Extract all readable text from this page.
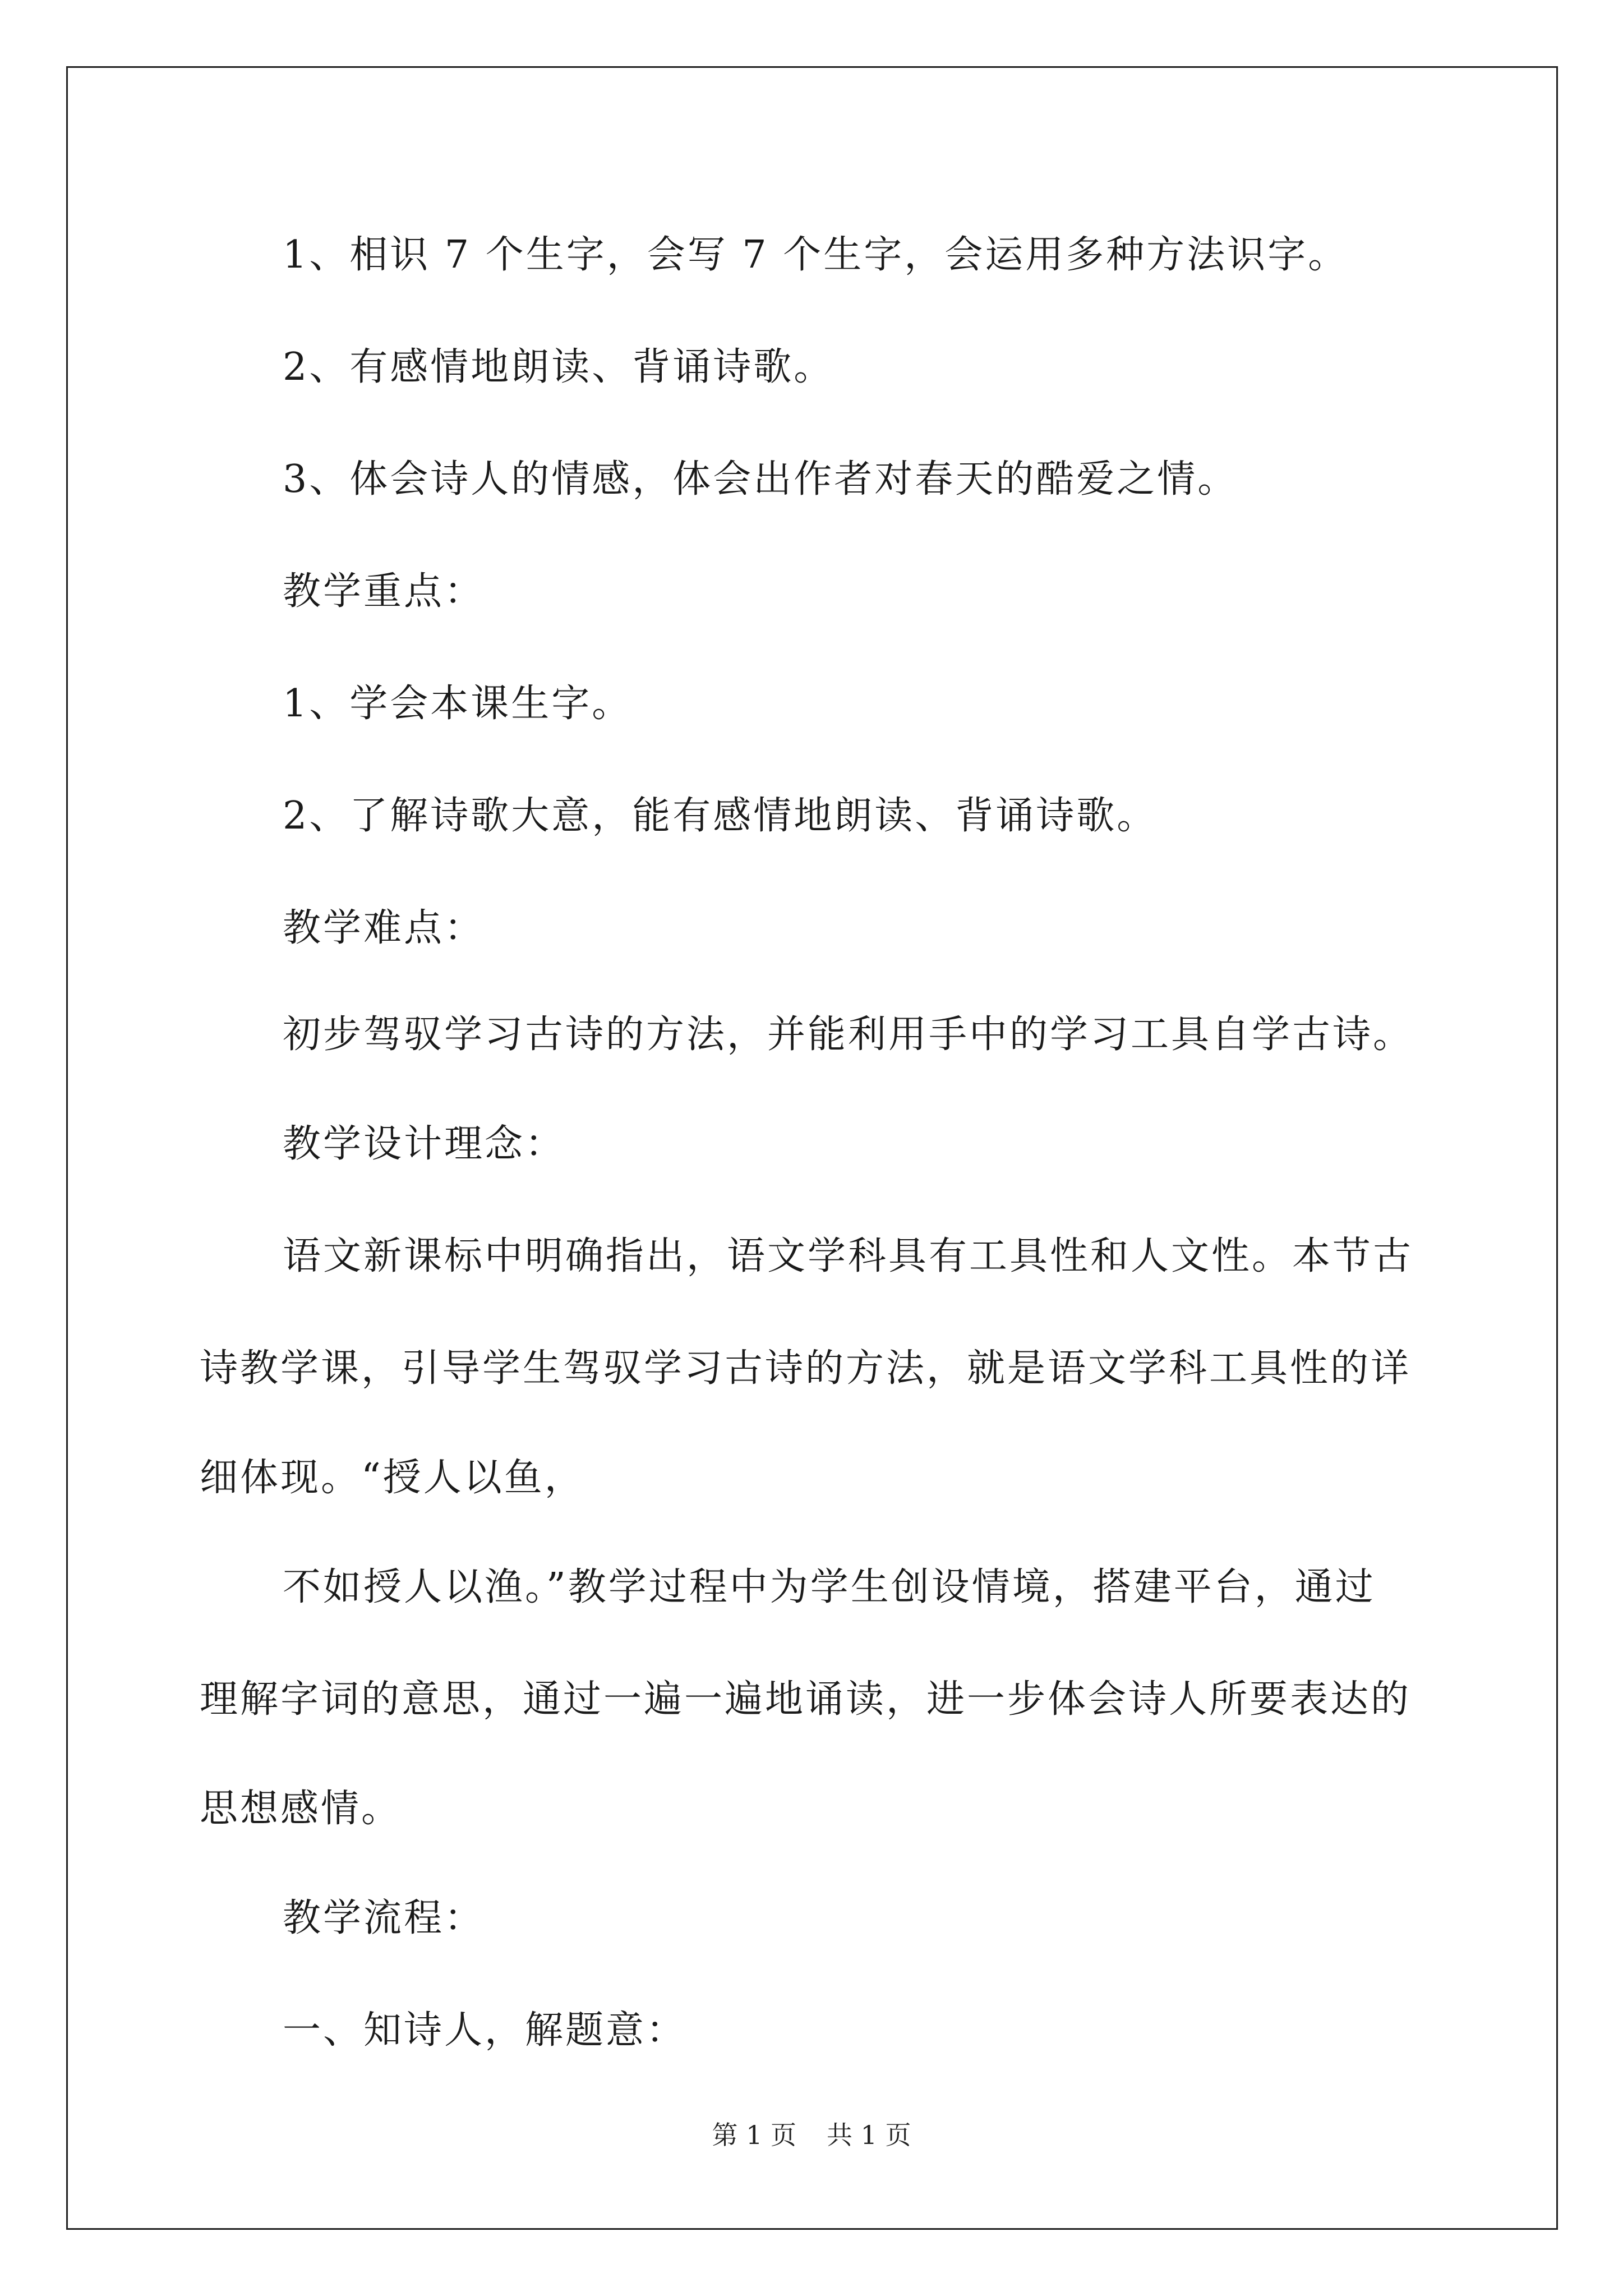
1、相识 7 个生字，会写 7 个生字，会运用多种方法识字。
2、有感情地朗读、背诵诗歌。
3、体会诗人的情感，体会出作者对春天的酷爱之情。
教学重点：
1、学会本课生字。
2、了解诗歌大意，能有感情地朗读、背诵诗歌。
教学难点：
初步驾驭学习古诗的方法，并能利用手中的学习工具自学古诗。
教学设计理念：
语文新课标中明确指出，语文学科具有工具性和人文性。本节古
诗教学课，引导学生驾驭学习古诗的方法，就是语文学科工具性的详
细体现。“授人以鱼，
不如授人以渔。”教学过程中为学生创设情境，搭建平台，通过
理解字词的意思，通过一遍一遍地诵读，进一步体会诗人所要表达的
思想感情。
教学流程：
一、知诗人，解题意：
第 1 页 共 1 页
